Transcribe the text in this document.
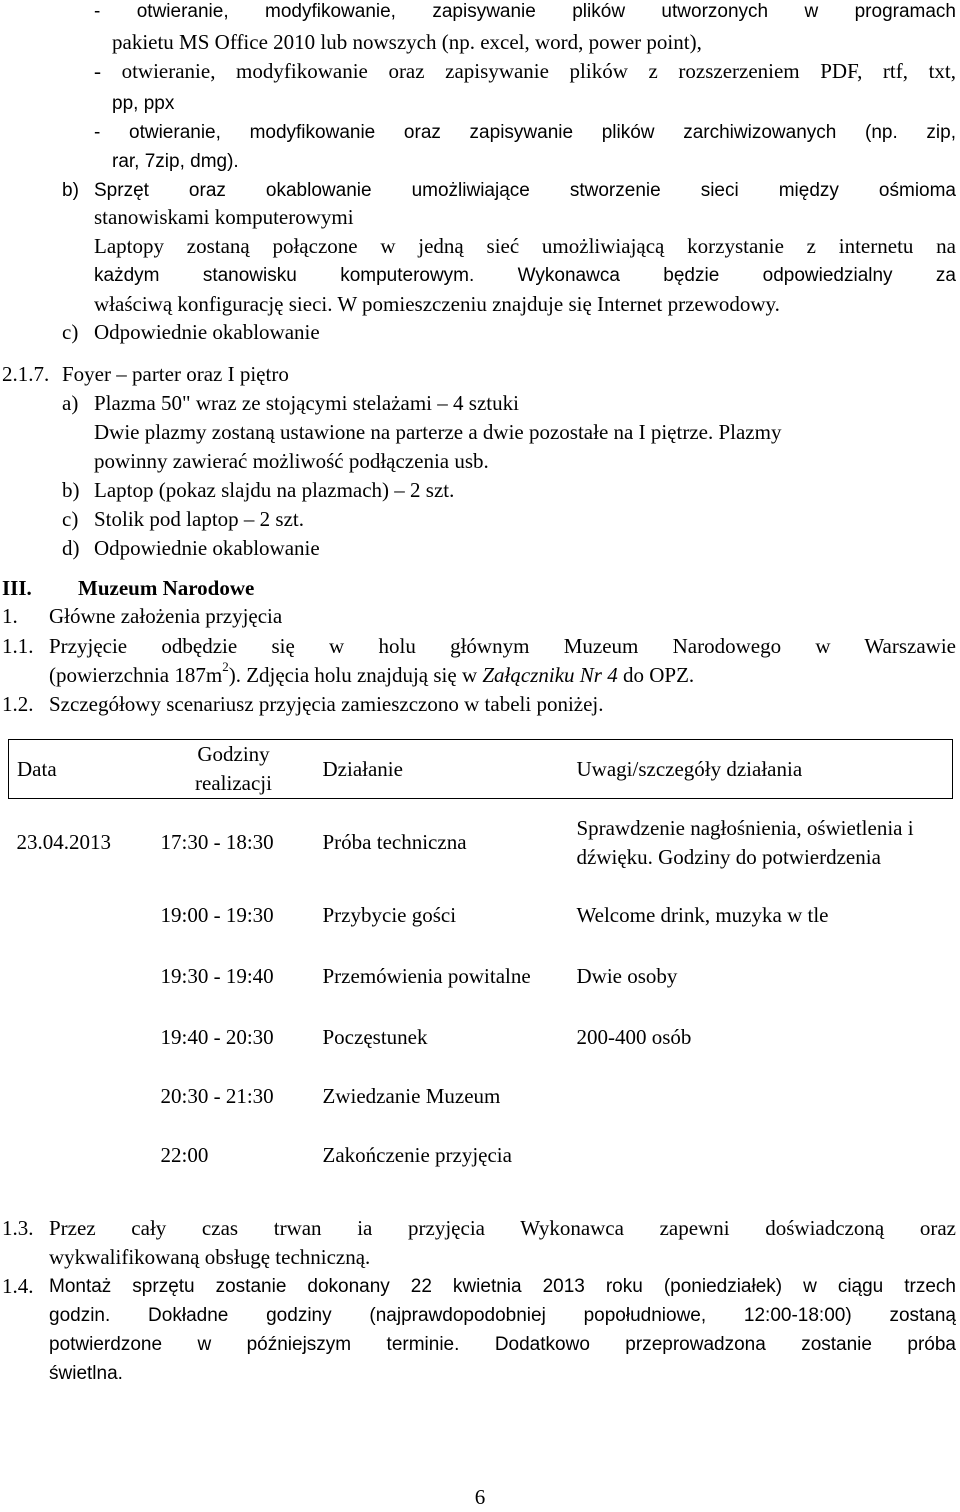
- otwieranie, modyfikowanie, zapisywanie plików utworzonych w programach
pakietu MS Office 2010 lub nowszych (np. excel, word, power point),
- otwieranie, modyfikowanie oraz zapisywanie plików z rozszerzeniem PDF, rtf, txt,
pp, ppx
- otwieranie, modyfikowanie oraz zapisywanie plików zarchiwizowanych (np. zip,
rar, 7zip, dmg).
b) Sprzęt oraz okablowanie umożliwiające stworzenie sieci między ośmioma
stanowiskami komputerowymi
Laptopy zostaną połączone w jedną sieć umożliwiającą korzystanie z internetu na
każdym stanowisku komputerowym. Wykonawca będzie odpowiedzialny za
właściwą konfigurację sieci. W pomieszczeniu znajduje się Internet przewodowy.
c) Odpowiednie okablowanie
2.1.7. Foyer – parter oraz I piętro
a) Plazma 50" wraz ze stojącymi stelażami – 4 sztuki
Dwie plazmy zostaną ustawione na parterze a dwie pozostałe na I piętrze. Plazmy
powinny zawierać możliwość podłączenia usb.
b) Laptop (pokaz slajdu na plazmach) – 2 szt.
c) Stolik pod laptop – 2 szt.
d) Odpowiednie okablowanie
III. Muzeum Narodowe
1. Główne założenia przyjęcia
1.1. Przyjęcie odbędzie się w holu głównym Muzeum Narodowego w Warszawie
(powierzchnia $187m^2$). Zdjęcia holu znajdują się w Załączniku Nr 4 do OPZ.
1.2. Szczegółowy scenariusz przyjęcia zamieszczono w tabeli poniżej.
Data	Godziny realizacji	Działanie	Uwagi/szczegóły działania
23.04.2013	17:30 - 18:30	Próba techniczna	Sprawdzenie nagłośnienia, oświetlenia i dźwięku. Godziny do potwierdzenia
	19:00 - 19:30	Przybycie gości	Welcome drink, muzyka w tle
	19:30 - 19:40	Przemówienia powitalne	Dwie osoby
	19:40 - 20:30	Poczęstunek	200-400 osób
	20:30 - 21:30	Zwiedzanie Muzeum	
	22:00	Zakończenie przyjęcia	
1.3. Przez cały czas trwan ia przyjęcia Wykonawca zapewni doświadczoną oraz
wykwalifikowaną obsługę techniczną.
1.4. Montaż sprzętu zostanie dokonany 22 kwietnia 2013 roku (poniedziałek) w ciągu trzech
godzin. Dokładne godziny (najprawdopodobniej popołudniowe, 12:00-18:00) zostaną
potwierdzone w późniejszym terminie. Dodatkowo przeprowadzona zostanie próba
świetlna.
6
